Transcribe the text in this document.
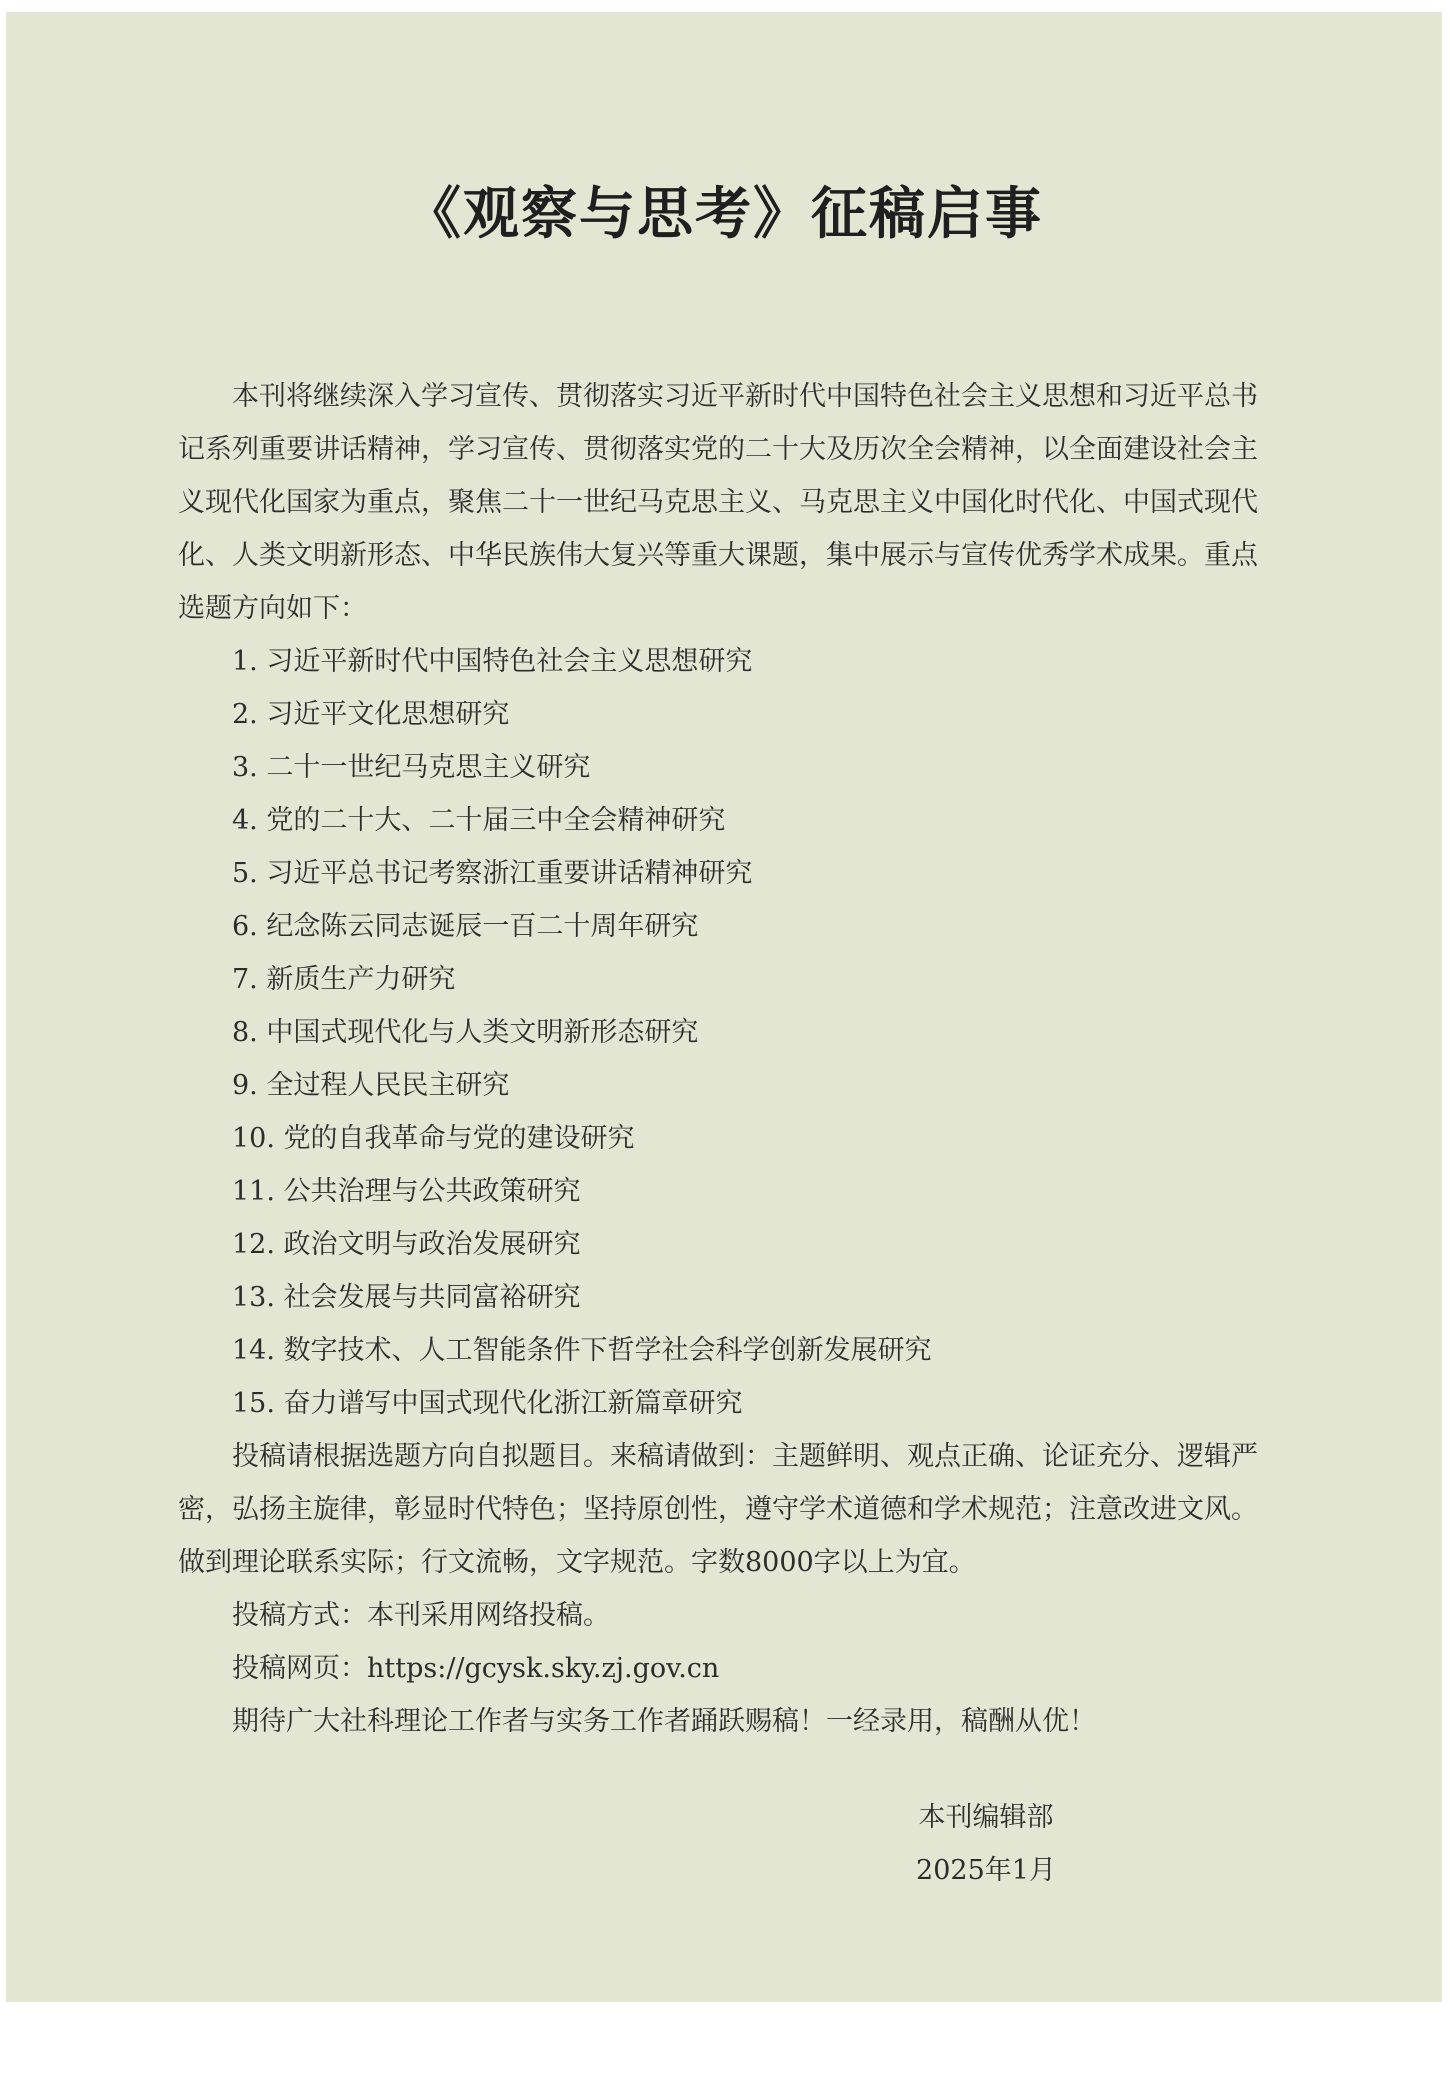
《观察与思考》征稿启事

本刊将继续深入学习宣传、贯彻落实习近平新时代中国特色社会主义思想和习近平总书记系列重要讲话精神，学习宣传、贯彻落实党的二十大及历次全会精神，以全面建设社会主义现代化国家为重点，聚焦二十一世纪马克思主义、马克思主义中国化时代化、中国式现代化、人类文明新形态、中华民族伟大复兴等重大课题，集中展示与宣传优秀学术成果。重点选题方向如下：

1. 习近平新时代中国特色社会主义思想研究
2. 习近平文化思想研究
3. 二十一世纪马克思主义研究
4. 党的二十大、二十届三中全会精神研究
5. 习近平总书记考察浙江重要讲话精神研究
6. 纪念陈云同志诞辰一百二十周年研究
7. 新质生产力研究
8. 中国式现代化与人类文明新形态研究
9. 全过程人民民主研究
10. 党的自我革命与党的建设研究
11. 公共治理与公共政策研究
12. 政治文明与政治发展研究
13. 社会发展与共同富裕研究
14. 数字技术、人工智能条件下哲学社会科学创新发展研究
15. 奋力谱写中国式现代化浙江新篇章研究

投稿请根据选题方向自拟题目。来稿请做到：主题鲜明、观点正确、论证充分、逻辑严密，弘扬主旋律，彰显时代特色；坚持原创性，遵守学术道德和学术规范；注意改进文风。做到理论联系实际；行文流畅，文字规范。字数8000字以上为宜。

投稿方式：本刊采用网络投稿。

投稿网页：https://gcysk.sky.zj.gov.cn

期待广大社科理论工作者与实务工作者踊跃赐稿！一经录用，稿酬从优！

本刊编辑部
2025年1月
